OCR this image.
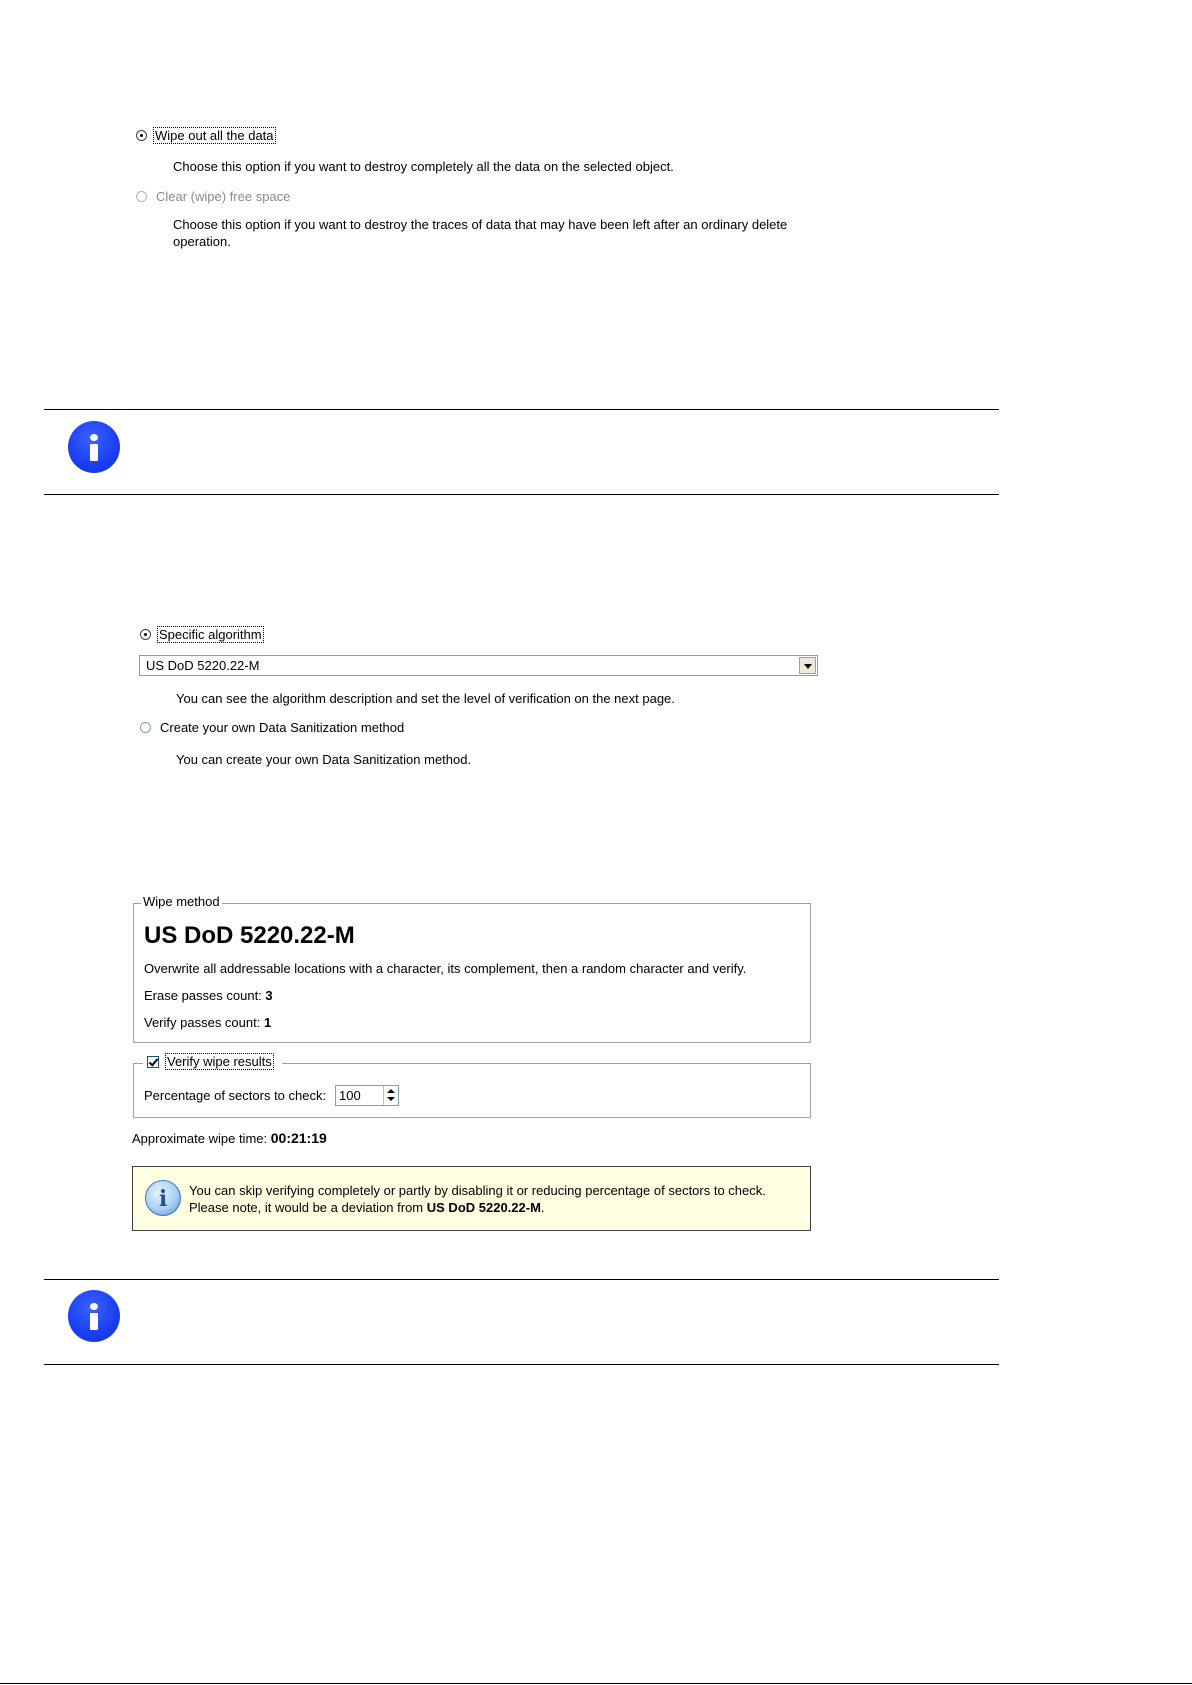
Wipe out all the data
Choose this option if you want to destroy completely all the data on the selected object.
Clear (wipe) free space
Choose this option if you want to destroy the traces of data that may have been left after an ordinary delete
operation.
Specific algorithm
US DoD 5220.22-M
You can see the algorithm description and set the level of verification on the next page.
Create your own Data Sanitization method
You can create your own Data Sanitization method.
Wipe method
US DoD 5220.22-M
Overwrite all addressable locations with a character, its complement, then a random character and verify.
Erase passes count: 3
Verify passes count: 1
Verify wipe results
Percentage of sectors to check: 100
Approximate wipe time: 00:21:19
i	You can skip verifying completely or partly by disabling it or reducing percentage of sectors to check.
Please note, it would be a deviation from US DoD 5220.22-M.
